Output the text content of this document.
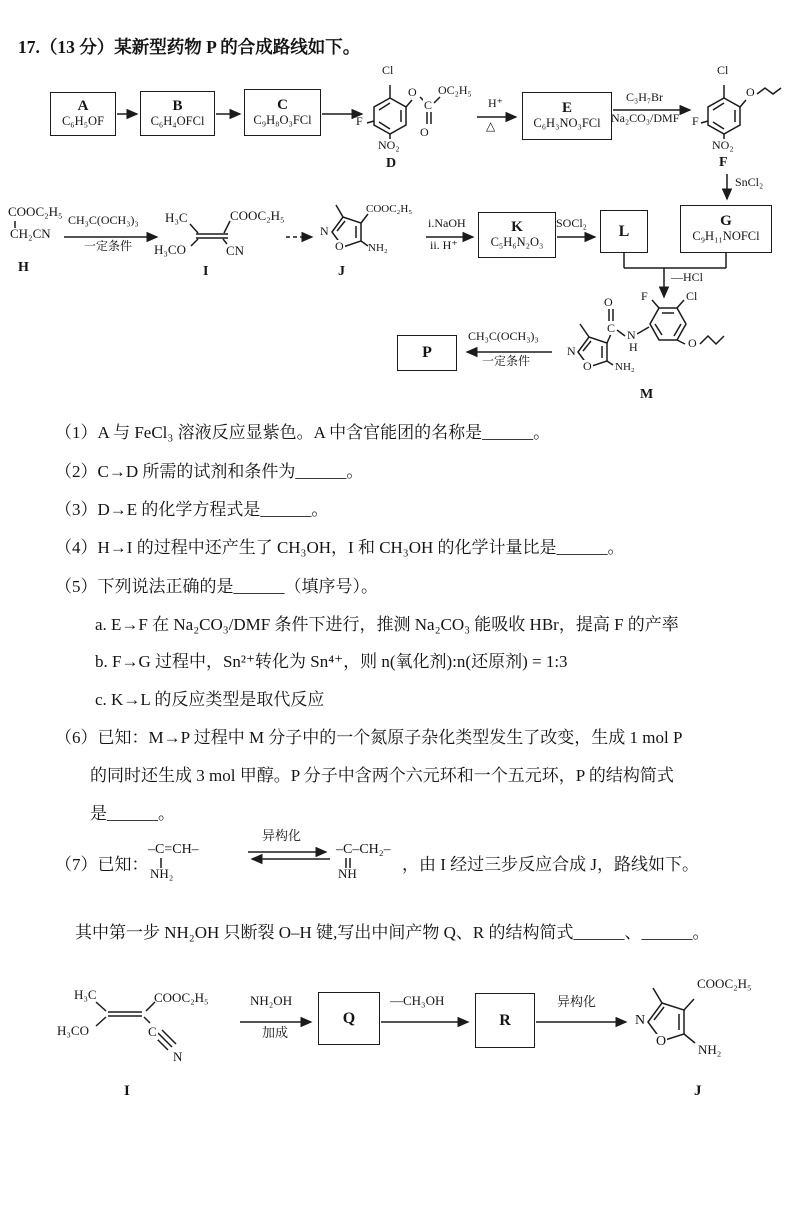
17.（13 分）某新型药物 P 的合成路线如下。
A
C₆H₅OF
B
C₆H₄OFCl
C
C₉H₈O₃FCl
E
C₆H₃NO₃FCl
K
C₅H₆N₂O₃
L
G
C₉H₁₁NOFCl
P
Cl
O
C
O
OC₂H₅
F
NO₂
D
H⁺
△
C₃H₇Br
Na₂CO₃/DMF
Cl
O
F
NO₂
F
SnCl₂
COOC₂H₅
CH₂CN
H
CH₃C(OCH₃)₃
一定条件
H₃C	COOC₂H₅
H₃CO	CN
I
N
O
COOC₂H₅
NH₂
J
i.NaOH
ii. H⁺
SOCl₂
—HCl
O
C
N
O NH₂
N
H
F	Cl
O
M
CH₃C(OCH₃)₃
一定条件
（1）A 与 FeCl₃ 溶液反应显紫色。A 中含官能团的名称是______。
（2）C→D 所需的试剂和条件为______。
（3）D→E 的化学方程式是______。
（4）H→I 的过程中还产生了 CH₃OH，I 和 CH₃OH 的化学计量比是______。
（5）下列说法正确的是______（填序号）。
a. E→F 在 Na₂CO₃/DMF 条件下进行，推测 Na₂CO₃ 能吸收 HBr，提高 F 的产率
b. F→G 过程中，Sn²⁺转化为 Sn⁴⁺，则 n(氧化剂):n(还原剂) = 1:3
c. K→L 的反应类型是取代反应
（6）已知：M→P 过程中 M 分子中的一个氮原子杂化类型发生了改变，生成 1 mol P
的同时还生成 3 mol 甲醇。P 分子中含两个六元环和一个五元环，P 的结构简式
是______。
（7）已知：
–C=CH–
NH₂
异构化
–C–CH₂–
NH	，由 I 经过三步反应合成 J，路线如下。
其中第一步 NH₂OH 只断裂 O–H 键,写出中间产物 Q、R 的结构简式______、______。
H₃C	COOC₂H₅
H₃CO	C
N
I
NH₂OH
加成
Q
—CH₃OH
R
异构化
N
O
COOC₂H₅
NH₂
J
